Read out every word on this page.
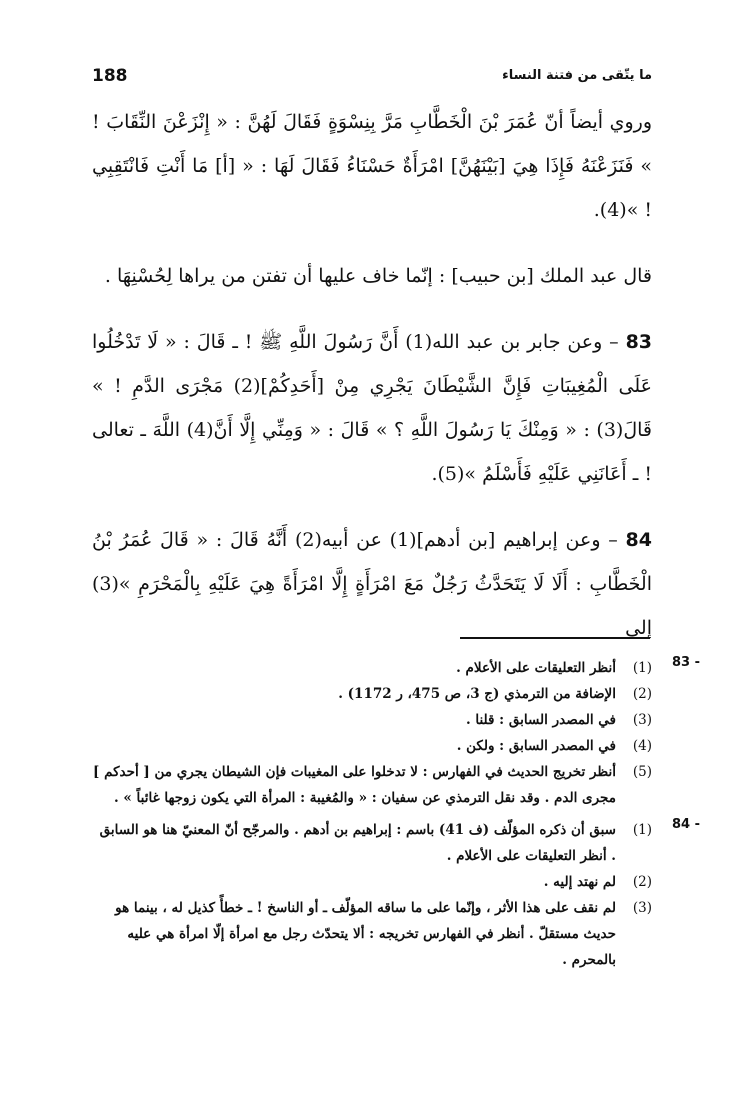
188	ما يتّقى من فتنة النساء

وروي أيضاً أنّ عُمَرَ بْنَ الْخَطَّابِ مَرَّ بِنِسْوَةٍ فَقَالَ لَهُنَّ : « إِنْزَعْنَ النِّقَابَ ! » فَنَزَعْنَهُ فَإِذَا هِيَ [بَيْنَهُنَّ] امْرَأَةٌ حَسْنَاءُ فَقَالَ لَهَا : « [أ] مَا أَنْتِ فَانْتَقِبِي ! »(4).

قال عبد الملك [بن حبيب] : إنّما خاف عليها أن تفتن من يراها لِحُسْنِهَا .

83 – وعن جابر بن عبد الله(1) أَنَّ رَسُولَ اللَّهِ ﷺ ! ـ قَالَ : « لَا تَدْخُلُوا عَلَى الْمُغِيبَاتِ فَإِنَّ الشَّيْطَانَ يَجْرِي مِنْ [أَحَدِكُمْ](2) مَجْرَى الدَّمِ ! » قَالَ(3) : « وَمِنْكَ يَا رَسُولَ اللَّهِ ؟ » قَالَ : « وَمِنِّي إِلَّا أَنَّ(4) اللَّهَ ـ تعالى ! ـ أَعَانَنِي عَلَيْهِ فَأَسْلَمُ »(5).

84 – وعن إبراهيم [بن أدهم](1) عن أبيه(2) أَنَّهُ قَالَ : « قَالَ عُمَرُ بْنُ الْخَطَّابِ : أَلَا لَا يَتَحَدَّثُ رَجُلٌ مَعَ امْرَأَةٍ إِلَّا امْرَأَةً هِيَ عَلَيْهِ بِالْمَحْرَمِ »(3) إلى

83 -
(1)
أنظر التعليقات على الأعلام .
(2)
الإضافة من الترمذي (ج 3، ص 475، ر 1172) .
(3)
في المصدر السابق : قلنا .
(4)
في المصدر السابق : ولكن .
(5)
أنظر تخريج الحديث في الفهارس : لا تدخلوا على المغيبات فإن الشيطان يجري من [ أحدكم ] مجرى الدم . وقد نقل الترمذي عن سفيان : « والمُغيبة : المرأة التي يكون زوجها غائباً » .
84 -
(1)
سبق أن ذكره المؤلّف (ف 41) باسم : إبراهيم بن أدهم . والمرجّح أنّ المعنيّ هنا هو السابق . أنظر التعليقات على الأعلام .
(2)
لم نهتد إليه .
(3)
لم نقف على هذا الأثر ، وإنّما على ما ساقه المؤلّف ـ أو الناسخ ! ـ خطأً كذيل له ، بينما هو حديث مستقلّ . أنظر في الفهارس تخريجه : ألا يتحدّث رجل مع امرأة إلّا امرأة هي عليه بالمحرم .
